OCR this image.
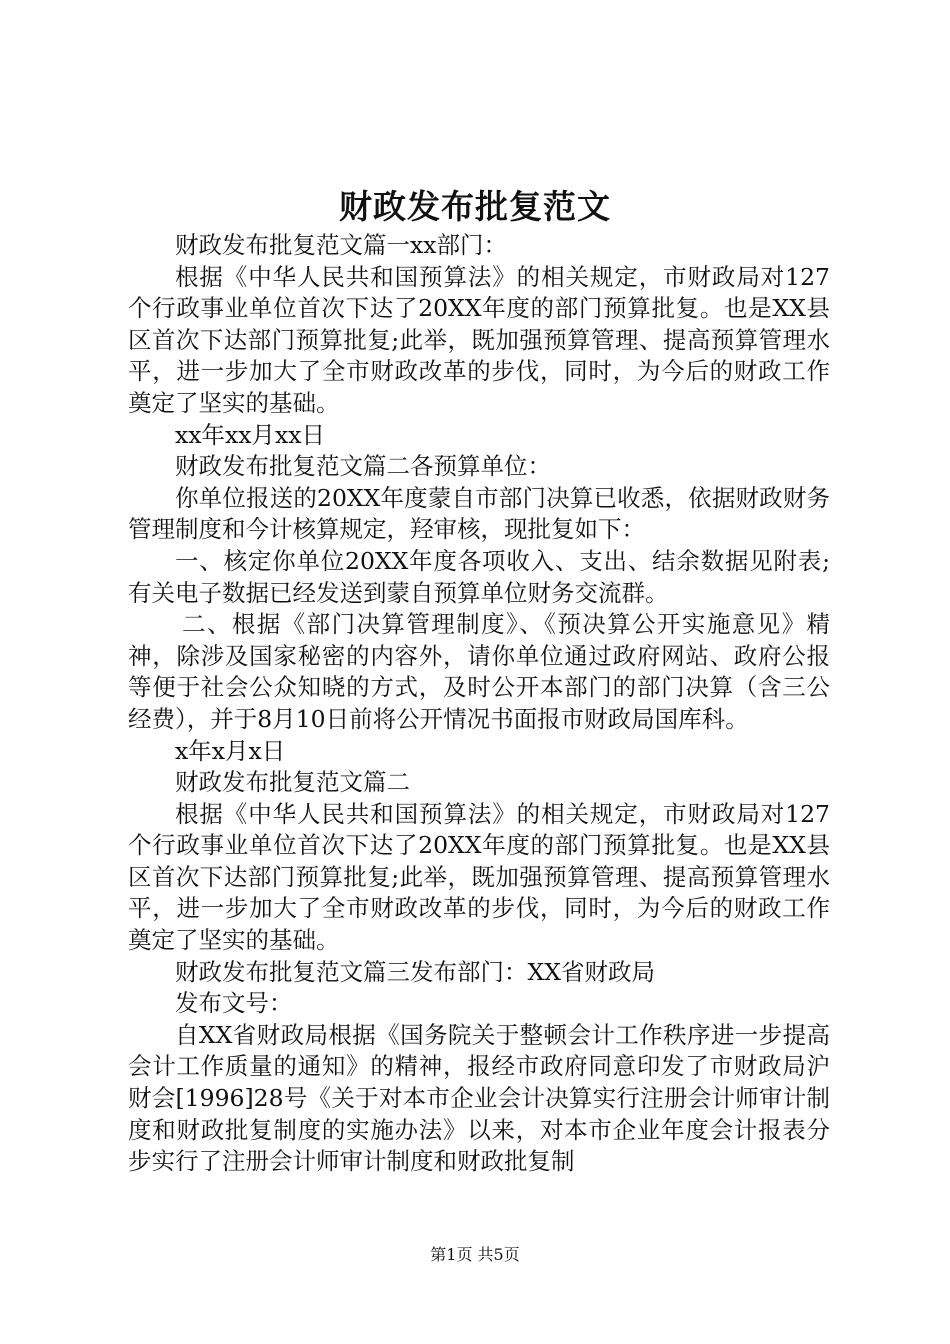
财政发布批复范文

财政发布批复范文篇一xx部门：

根据《中华人民共和国预算法》的相关规定，市财政局对127个行政事业单位首次下达了20XX年度的部门预算批复。也是XX县区首次下达部门预算批复;此举，既加强预算管理、提高预算管理水平，进一步加大了全市财政改革的步伐，同时，为今后的财政工作奠定了坚实的基础。

xx年xx月xx日

财政发布批复范文篇二各预算单位：

你单位报送的20XX年度蒙自市部门决算已收悉，依据财政财务管理制度和今计核算规定，羟审核，现批复如下：

一、核定你单位20XX年度各项收入、支出、结余数据见附表;有关电子数据已经发送到蒙自预算单位财务交流群。

二、根据《部门决算管理制度》、《预决算公开实施意见》精神，除涉及国家秘密的内容外，请你单位通过政府网站、政府公报等便于社会公众知晓的方式，及时公开本部门的部门决算（含三公经费），并于8月10日前将公开情况书面报市财政局国库科。

x年x月x日

财政发布批复范文篇二

根据《中华人民共和国预算法》的相关规定，市财政局对127个行政事业单位首次下达了20XX年度的部门预算批复。也是XX县区首次下达部门预算批复;此举，既加强预算管理、提高预算管理水平，进一步加大了全市财政改革的步伐，同时，为今后的财政工作奠定了坚实的基础。

财政发布批复范文篇三发布部门：XX省财政局

发布文号：

自XX省财政局根据《国务院关于整顿会计工作秩序进一步提高会计工作质量的通知》的精神，报经市政府同意印发了市财政局沪财会[1996]28号《关于对本市企业会计决算实行注册会计师审计制度和财政批复制度的实施办法》以来，对本市企业年度会计报表分步实行了注册会计师审计制度和财政批复制

第1页 共5页
